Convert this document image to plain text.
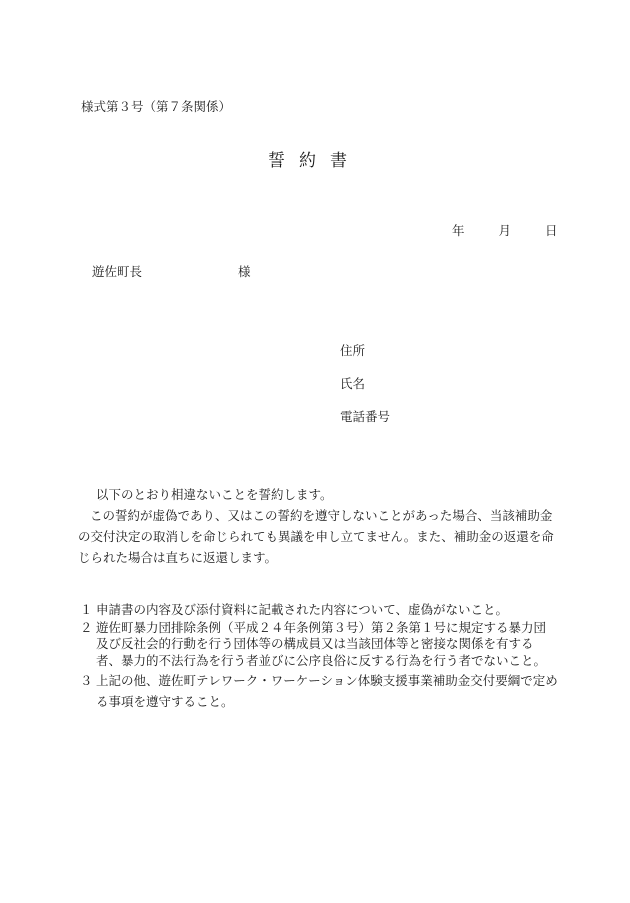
様式第３号（第７条関係）
誓約書
年	月	日
遊佐町長	様
住所
氏名
電話番号

以下のとおり相違ないことを誓約します。

この誓約が虚偽であり、又はこの誓約を遵守しないことがあった場合、当該補助金の交付決定の取消しを命じられても異議を申し立てません。また、補助金の返還を命じられた場合は直ちに返還します。

１ 申請書の内容及び添付資料に記載された内容について、虚偽がないこと。
２ 遊佐町暴力団排除条例（平成２４年条例第３号）第２条第１号に規定する暴力団及び反社会的行動を行う団体等の構成員又は当該団体等と密接な関係を有する者、暴力的不法行為を行う者並びに公序良俗に反する行為を行う者でないこと。
３ 上記の他、遊佐町テレワーク・ワーケーション体験支援事業補助金交付要綱で定める事項を遵守すること。
